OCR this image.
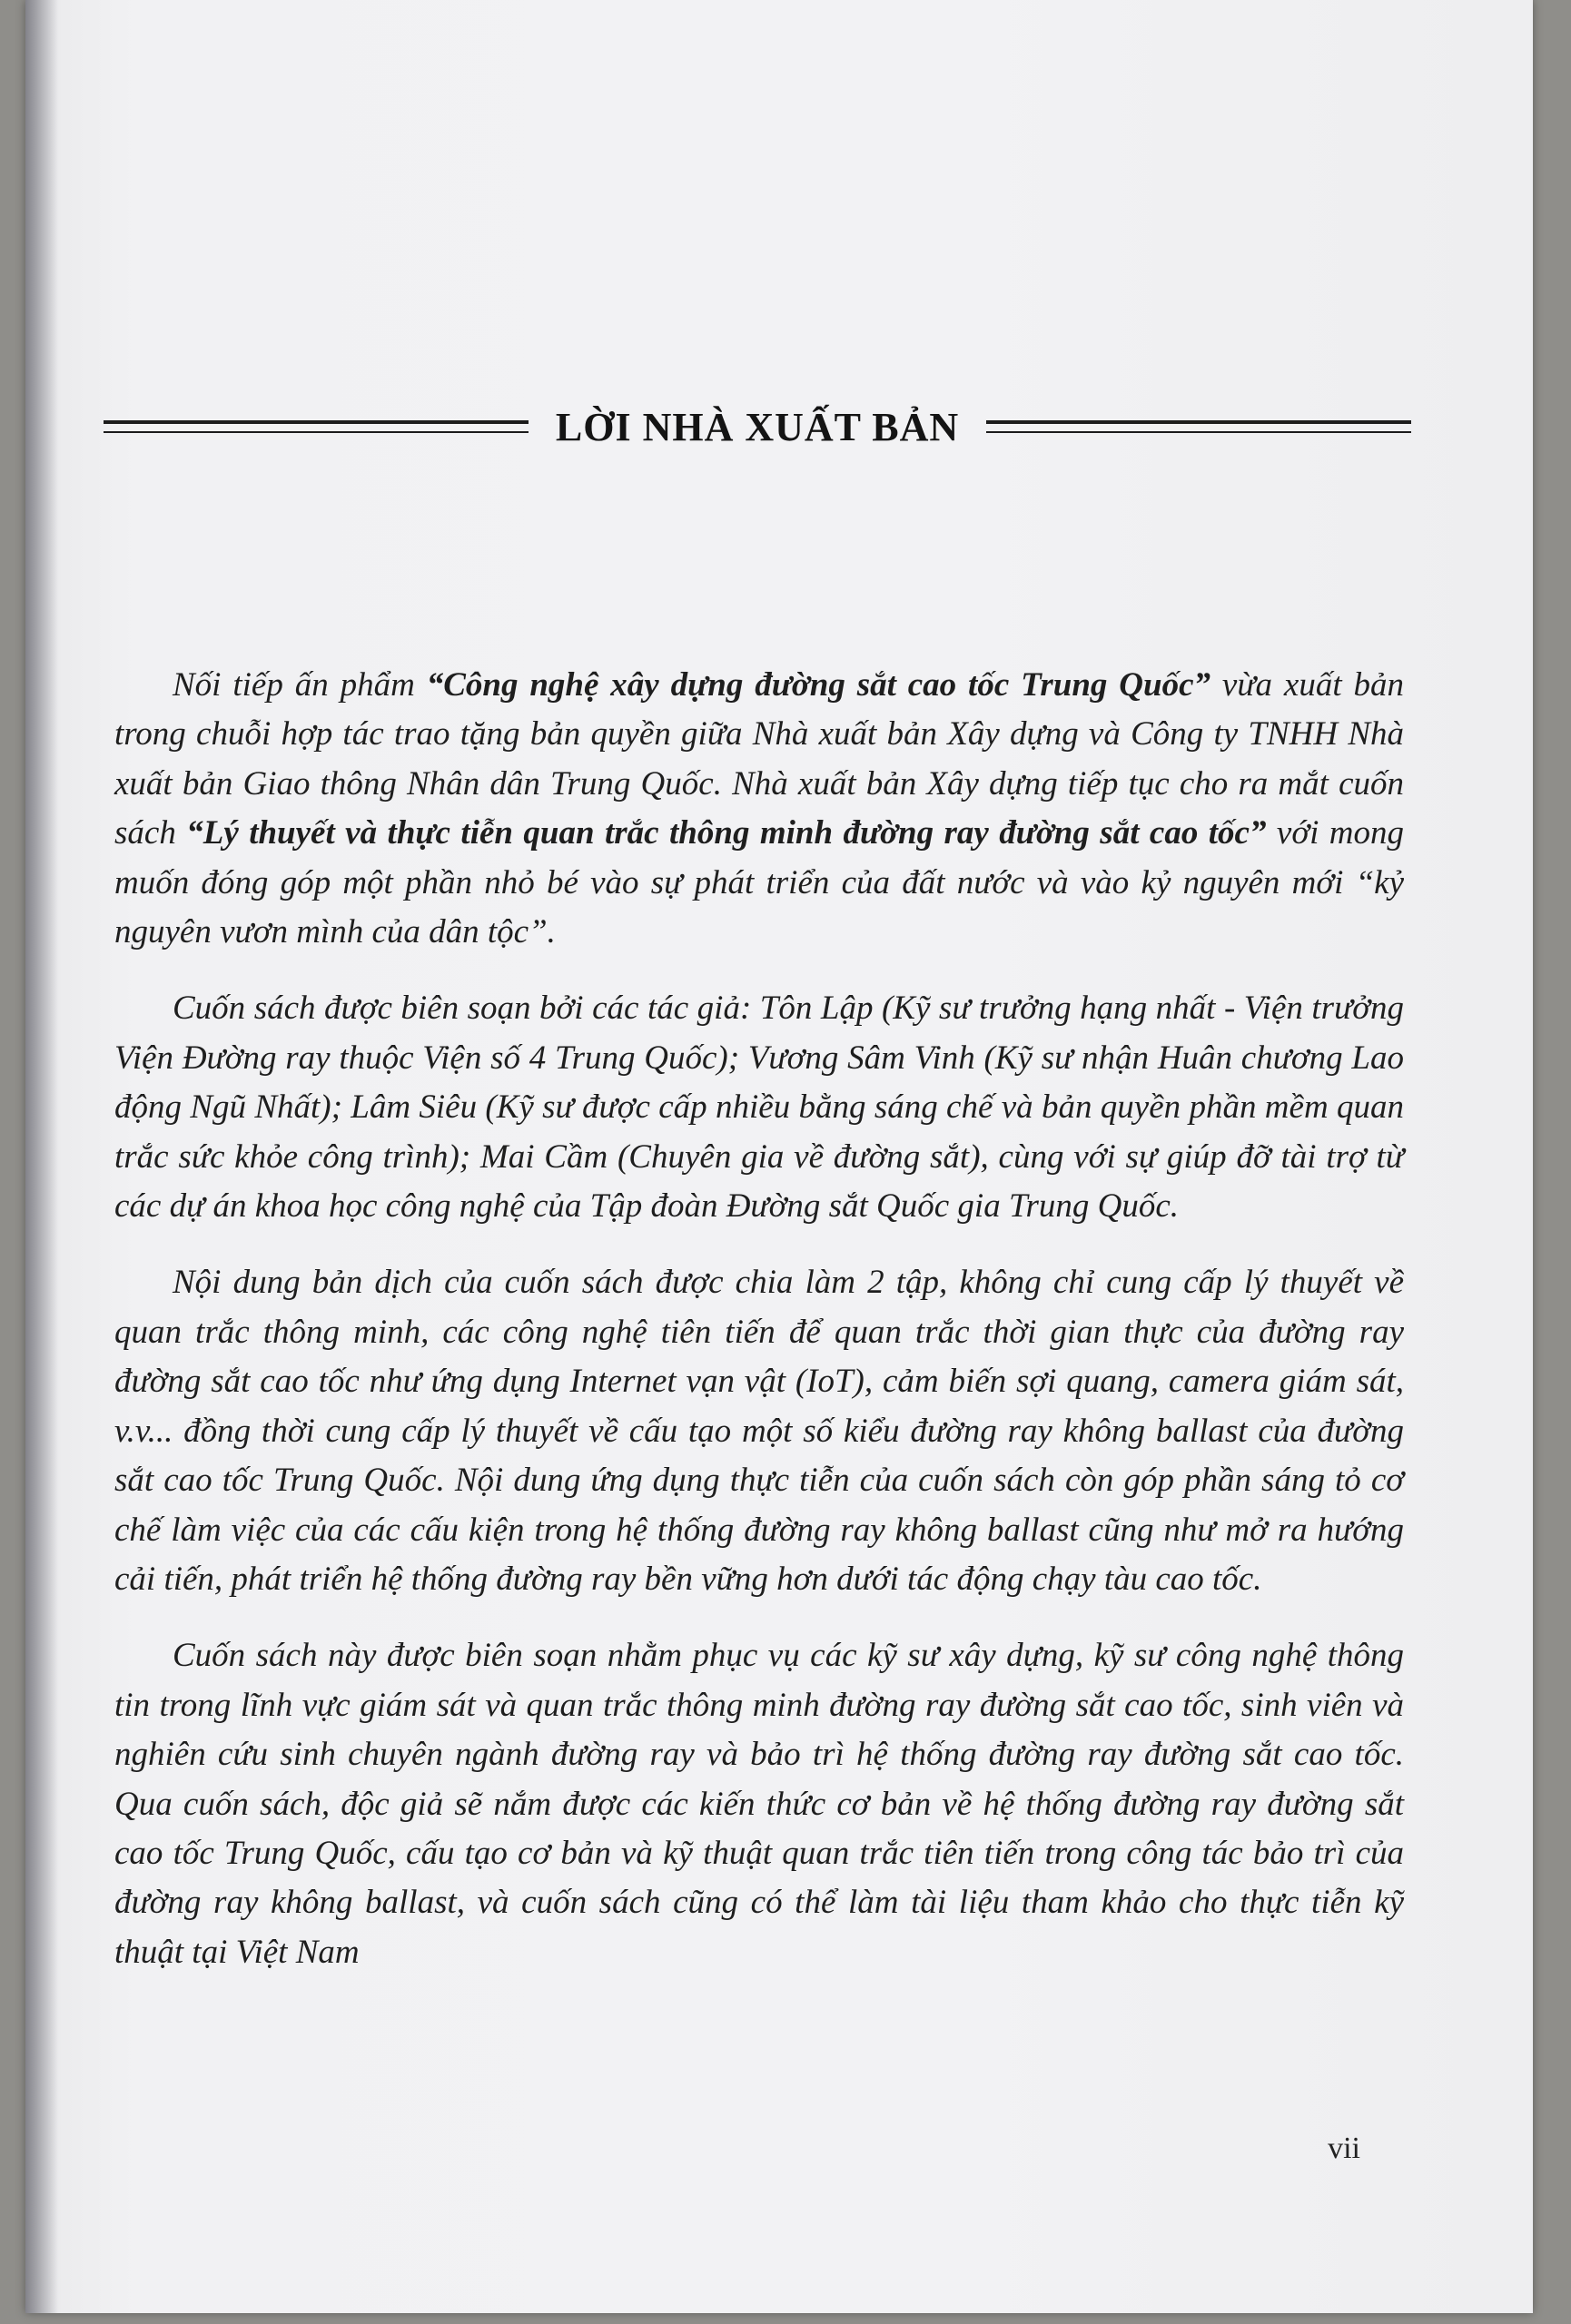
LỜI NHÀ XUẤT BẢN

Nối tiếp ấn phẩm “Công nghệ xây dựng đường sắt cao tốc Trung Quốc” vừa xuất bản trong chuỗi hợp tác trao tặng bản quyền giữa Nhà xuất bản Xây dựng và Công ty TNHH Nhà xuất bản Giao thông Nhân dân Trung Quốc. Nhà xuất bản Xây dựng tiếp tục cho ra mắt cuốn sách “Lý thuyết và thực tiễn quan trắc thông minh đường ray đường sắt cao tốc” với mong muốn đóng góp một phần nhỏ bé vào sự phát triển của đất nước và vào kỷ nguyên mới “kỷ nguyên vươn mình của dân tộc”.

Cuốn sách được biên soạn bởi các tác giả: Tôn Lập (Kỹ sư trưởng hạng nhất - Viện trưởng Viện Đường ray thuộc Viện số 4 Trung Quốc); Vương Sâm Vinh (Kỹ sư nhận Huân chương Lao động Ngũ Nhất); Lâm Siêu (Kỹ sư được cấp nhiều bằng sáng chế và bản quyền phần mềm quan trắc sức khỏe công trình); Mai Cầm (Chuyên gia về đường sắt), cùng với sự giúp đỡ tài trợ từ các dự án khoa học công nghệ của Tập đoàn Đường sắt Quốc gia Trung Quốc.

Nội dung bản dịch của cuốn sách được chia làm 2 tập, không chỉ cung cấp lý thuyết về quan trắc thông minh, các công nghệ tiên tiến để quan trắc thời gian thực của đường ray đường sắt cao tốc như ứng dụng Internet vạn vật (IoT), cảm biến sợi quang, camera giám sát, v.v... đồng thời cung cấp lý thuyết về cấu tạo một số kiểu đường ray không ballast của đường sắt cao tốc Trung Quốc. Nội dung ứng dụng thực tiễn của cuốn sách còn góp phần sáng tỏ cơ chế làm việc của các cấu kiện trong hệ thống đường ray không ballast cũng như mở ra hướng cải tiến, phát triển hệ thống đường ray bền vững hơn dưới tác động chạy tàu cao tốc.

Cuốn sách này được biên soạn nhằm phục vụ các kỹ sư xây dựng, kỹ sư công nghệ thông tin trong lĩnh vực giám sát và quan trắc thông minh đường ray đường sắt cao tốc, sinh viên và nghiên cứu sinh chuyên ngành đường ray và bảo trì hệ thống đường ray đường sắt cao tốc. Qua cuốn sách, độc giả sẽ nắm được các kiến thức cơ bản về hệ thống đường ray đường sắt cao tốc Trung Quốc, cấu tạo cơ bản và kỹ thuật quan trắc tiên tiến trong công tác bảo trì của đường ray không ballast, và cuốn sách cũng có thể làm tài liệu tham khảo cho thực tiễn kỹ thuật tại Việt Nam

vii
